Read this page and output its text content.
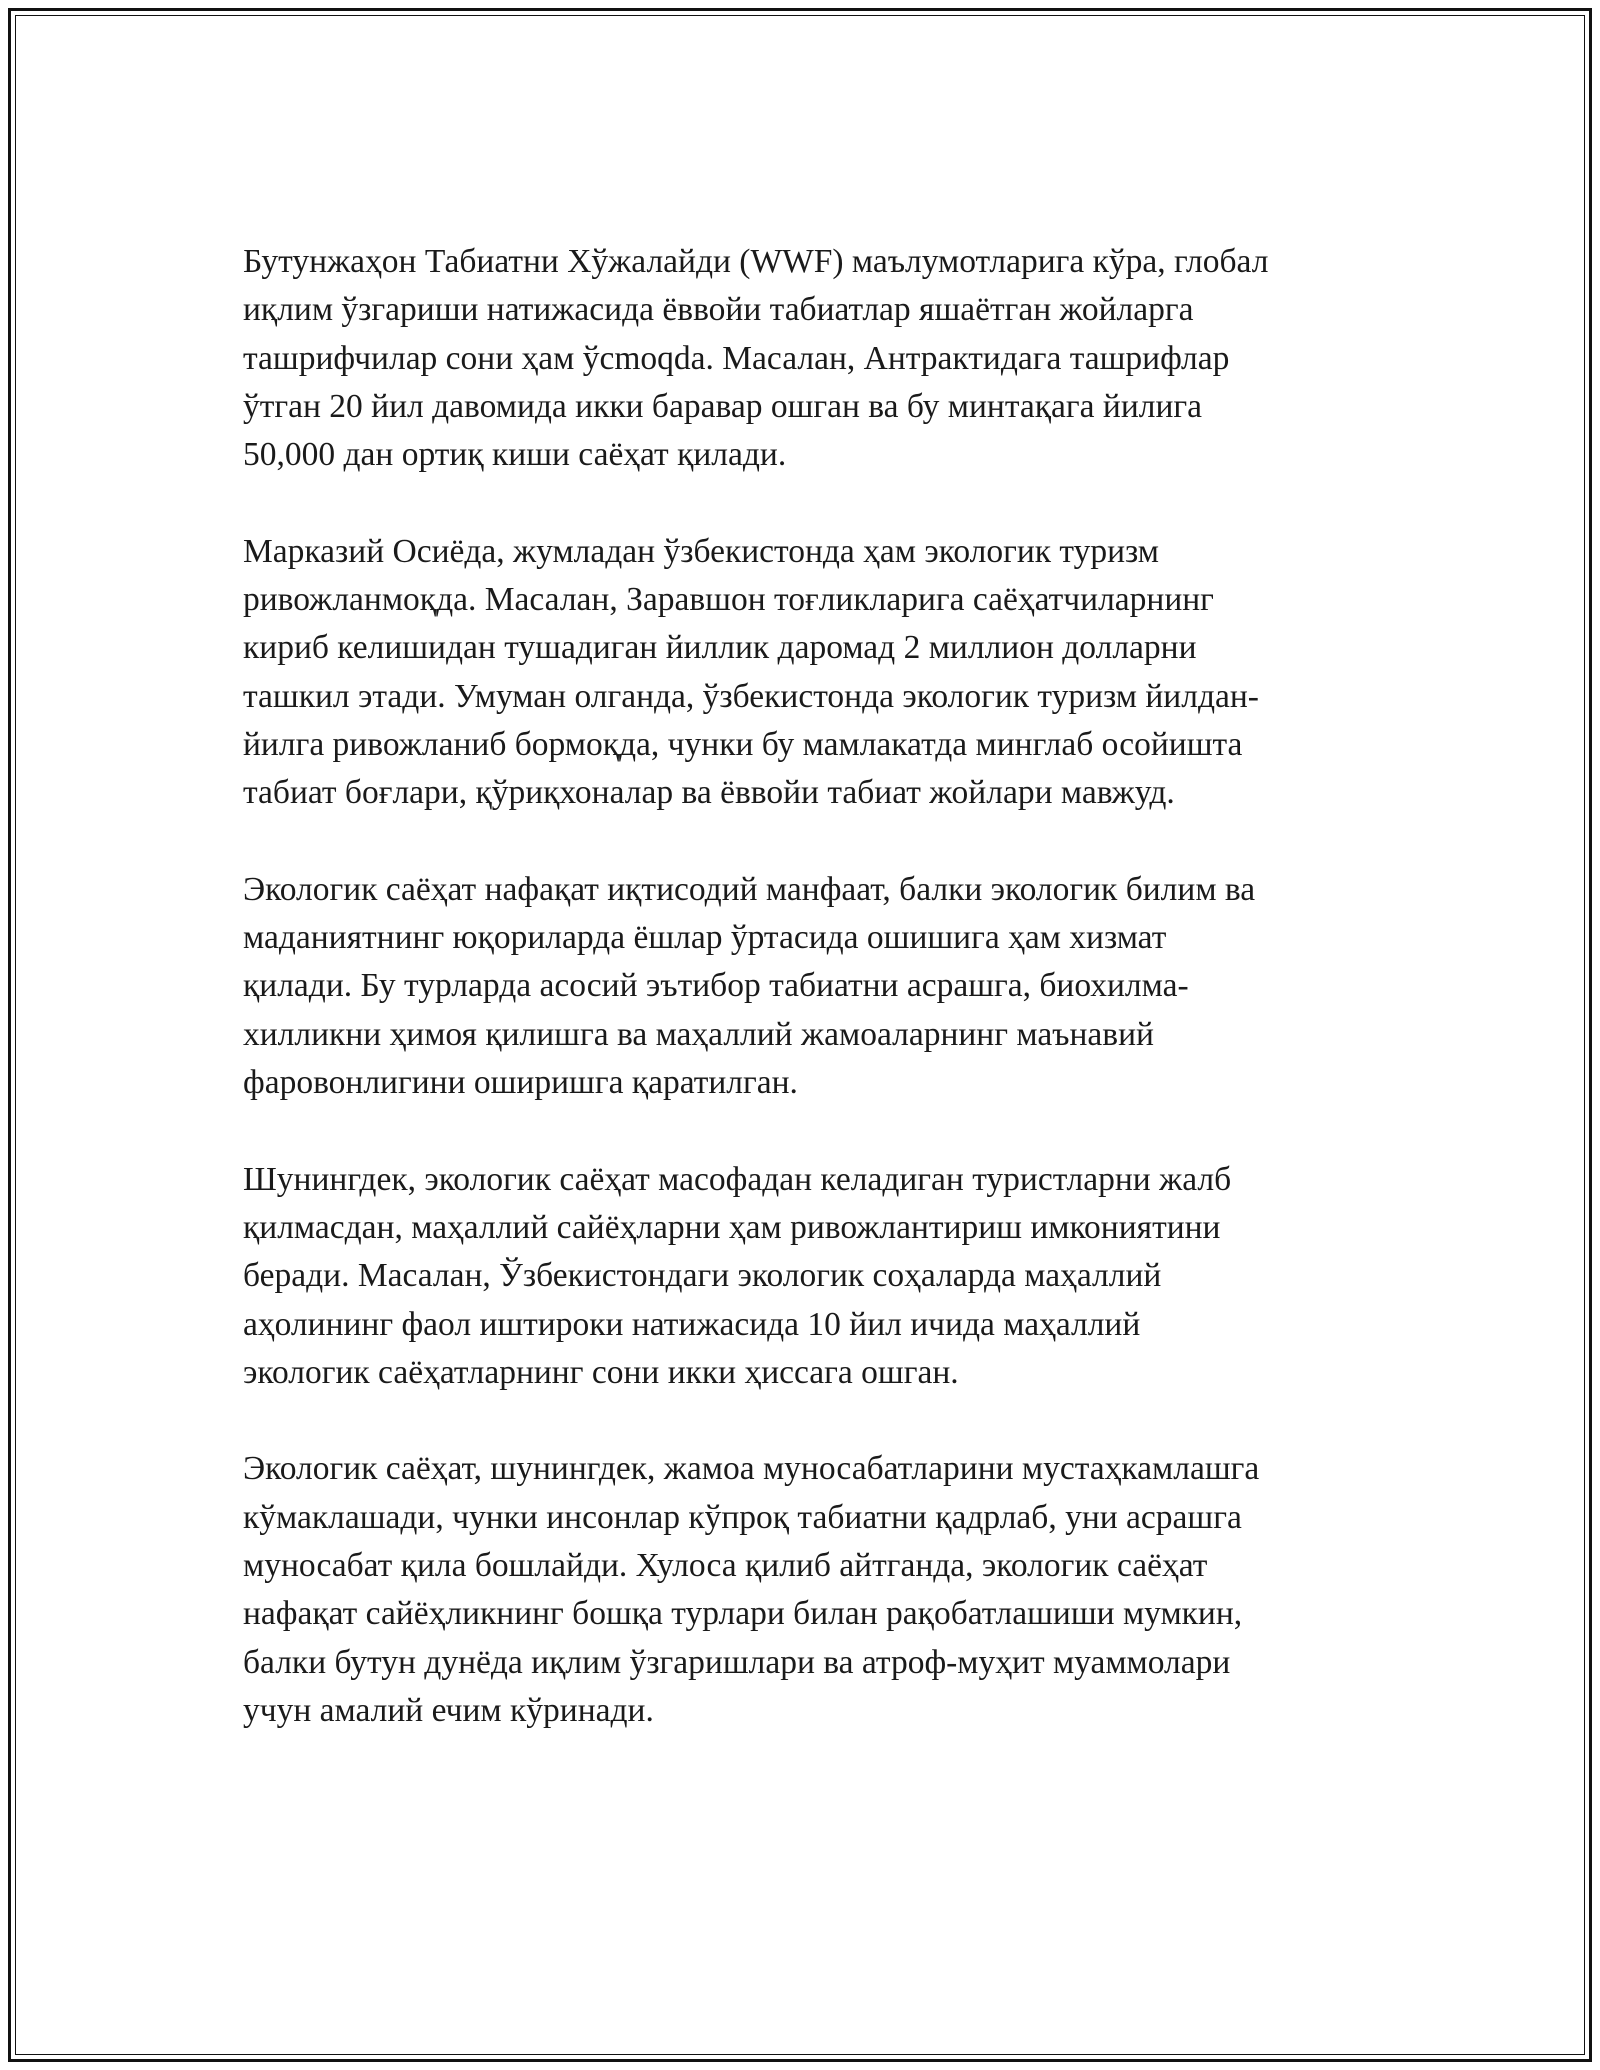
Бутунжаҳон Табиатни Хўжалайди (WWF) маълумотларига кўра, глобал
иқлим ўзгариши натижасида ёввойи табиатлар яшаётган жойларга
ташрифчилар сони ҳам ўсmoqda. Масалан, Антрактидага ташрифлар
ўтган 20 йил давомида икки баравар ошган ва бу минтақага йилига
50,000 дан ортиқ киши саёҳат қилади.

Марказий Осиёда, жумладан ўзбекистонда ҳам экологик туризм
ривожланмоқда. Масалан, Заравшон тоғликларига саёҳатчиларнинг
кириб келишидан тушадиган йиллик даромад 2 миллион долларни
ташкил этади. Умуман олганда, ўзбекистонда экологик туризм йилдан-
йилга ривожланиб бормоқда, чунки бу мамлакатда минглаб осойишта
табиат боғлари, қўриқхоналар ва ёввойи табиат жойлари мавжуд.

Экологик саёҳат нафақат иқтисодий манфаат, балки экологик билим ва
маданиятнинг юқориларда ёшлар ўртасида ошишига ҳам хизмат
қилади. Бу турларда асосий эътибор табиатни асрашга, биохилма-
хилликни ҳимоя қилишга ва маҳаллий жамоаларнинг маънавий
фаровонлигини оширишга қаратилган.

Шунингдек, экологик саёҳат масофадан келадиган туристларни жалб
қилмасдан, маҳаллий сайёҳларни ҳам ривожлантириш имкониятини
беради. Масалан, Ўзбекистондаги экологик соҳаларда маҳаллий
аҳолининг фаол иштироки натижасида 10 йил ичида маҳаллий
экологик саёҳатларнинг сони икки ҳиссага ошган.

Экологик саёҳат, шунингдек, жамоа муносабатларини мустаҳкамлашга
кўмаклашади, чунки инсонлар кўпроқ табиатни қадрлаб, уни асрашга
муносабат қила бошлайди. Хулоса қилиб айтганда, экологик саёҳат
нафақат сайёҳликнинг бошқа турлари билан рақобатлашиши мумкин,
балки бутун дунёда иқлим ўзгаришлари ва атроф-муҳит муаммолари
учун амалий ечим кўринади.
